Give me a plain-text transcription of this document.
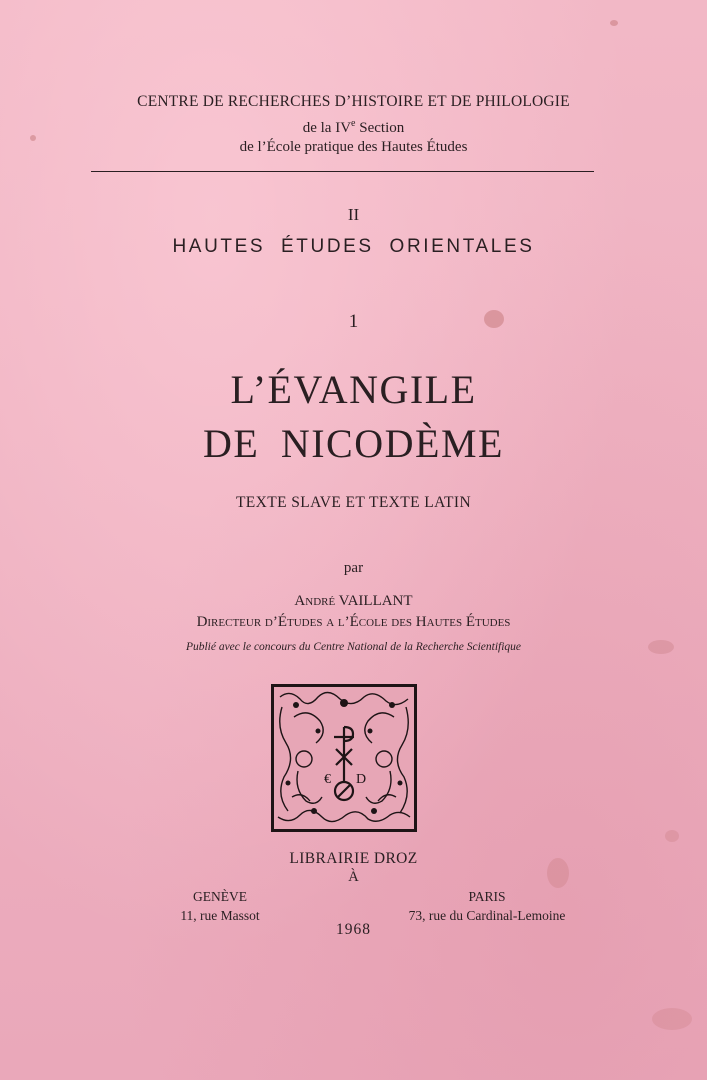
CENTRE DE RECHERCHES D’HISTOIRE ET DE PHILOLOGIE
de la IVe Section
de l’École pratique des Hautes Études
II
HAUTES ÉTUDES ORIENTALES
1
L’ÉVANGILE
DE NICODÈME
TEXTE SLAVE ET TEXTE LATIN
par
André VAILLANT
Directeur d’Études a l’École des Hautes Études
Publié avec le concours du Centre National de la Recherche Scientifique
€ D
LIBRAIRIE DROZ
À
GENÈVE
11, rue Massot
PARIS
73, rue du Cardinal-Lemoine
1968
